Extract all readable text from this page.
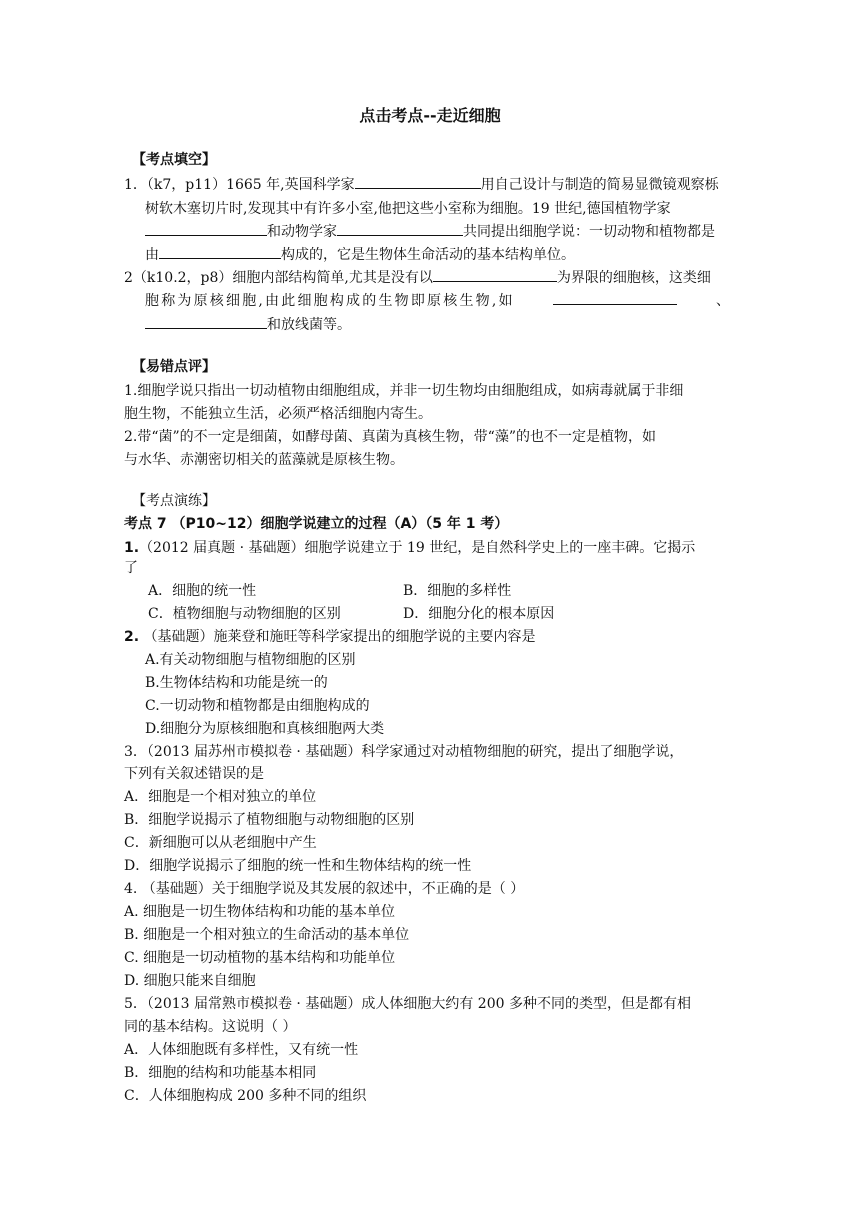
点击考点--走近细胞
【考点填空】
1．（k7，p11）1665 年,英国科学家	用自己设计与制造的简易显微镜观察栎
树软木塞切片时,发现其中有许多小室,他把这些小室称为细胞。19 世纪,德国植物学家
和动物学家	共同提出细胞学说：一切动物和植物都是
由	构成的，它是生物体生命活动的基本结构单位。
2（k10.2，p8）细胞内部结构简单,尤其是没有以	为界限的细胞核，这类细
胞称为原核细胞,由此细胞构成的生物即原核生物,如	、
和放线菌等。
【易错点评】
1.细胞学说只指出一切动植物由细胞组成，并非一切生物均由细胞组成，如病毒就属于非细
胞生物，不能独立生活，必须严格活细胞内寄生。
2.带“菌”的不一定是细菌，如酵母菌、真菌为真核生物，带“藻”的也不一定是植物，如
与水华、赤潮密切相关的蓝藻就是原核生物。
【考点演练】
考点 7 （P10~12）细胞学说建立的过程（A）（5 年 1 考）
1.（2012 届真题 · 基础题）细胞学说建立于 19 世纪，是自然科学史上的一座丰碑。它揭示
了
A．细胞的统一性	B．细胞的多样性
C．植物细胞与动物细胞的区别	D．细胞分化的根本原因
2. （基础题）施莱登和施旺等科学家提出的细胞学说的主要内容是
A.有关动物细胞与植物细胞的区别
B.生物体结构和功能是统一的
C.一切动物和植物都是由细胞构成的
D.细胞分为原核细胞和真核细胞两大类
3．（2013 届苏州市模拟卷 · 基础题）科学家通过对动植物细胞的研究，提出了细胞学说，
下列有关叙述错误的是
A．细胞是一个相对独立的单位
B．细胞学说揭示了植物细胞与动物细胞的区别
C．新细胞可以从老细胞中产生
D．细胞学说揭示了细胞的统一性和生物体结构的统一性
4. （基础题）关于细胞学说及其发展的叙述中，不正确的是（ ）
A. 细胞是一切生物体结构和功能的基本单位
B. 细胞是一个相对独立的生命活动的基本单位
C. 细胞是一切动植物的基本结构和功能单位
D. 细胞只能来自细胞
5．（2013 届常熟市模拟卷 · 基础题）成人体细胞大约有 200 多种不同的类型，但是都有相
同的基本结构。这说明（ ）
A．人体细胞既有多样性，又有统一性
B．细胞的结构和功能基本相同
C．人体细胞构成 200 多种不同的组织
